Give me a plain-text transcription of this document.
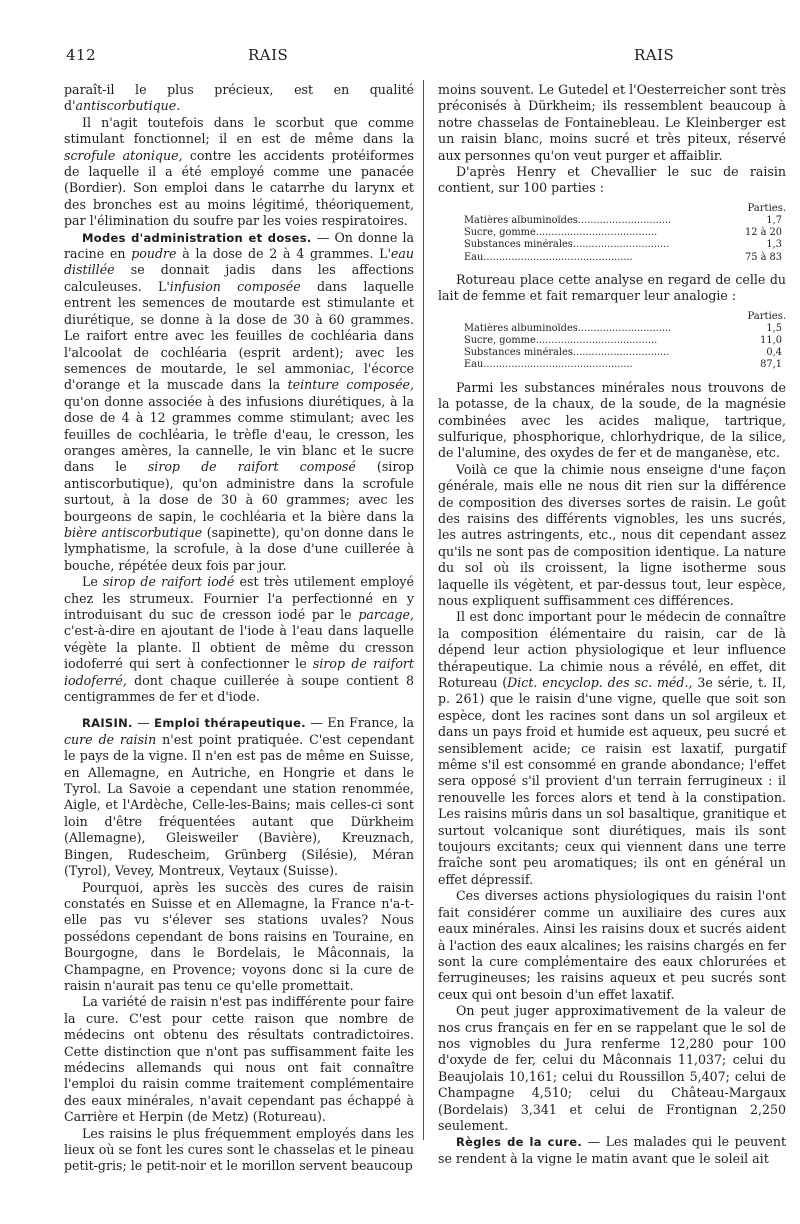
412	RAIS	RAIS

paraît-il le plus précieux, est en qualité d'antiscorbutique.

Il n'agit toutefois dans le scorbut que comme stimulant fonctionnel; il en est de même dans la scrofule atonique, contre les accidents protéiformes de laquelle il a été employé comme une panacée (Bordier). Son emploi dans le catarrhe du larynx et des bronches est au moins légitimé, théoriquement, par l'élimination du soufre par les voies respiratoires.

Modes d'administration et doses. — On donne la racine en poudre à la dose de 2 à 4 grammes. L'eau distillée se donnait jadis dans les affections calculeuses. L'infusion composée dans laquelle entrent les semences de moutarde est stimulante et diurétique, se donne à la dose de 30 à 60 grammes. Le raifort entre avec les feuilles de cochléaria dans l'alcoolat de cochléaria (esprit ardent); avec les semences de moutarde, le sel ammoniac, l'écorce d'orange et la muscade dans la teinture composée, qu'on donne associée à des infusions diurétiques, à la dose de 4 à 12 grammes comme stimulant; avec les feuilles de cochléaria, le trèfle d'eau, le cresson, les oranges amères, la cannelle, le vin blanc et le sucre dans le sirop de raifort composé (sirop antiscorbutique), qu'on administre dans la scrofule surtout, à la dose de 30 à 60 grammes; avec les bourgeons de sapin, le cochléaria et la bière dans la bière antiscorbutique (sapinette), qu'on donne dans le lymphatisme, la scrofule, à la dose d'une cuillerée à bouche, répétée deux fois par jour.

Le sirop de raifort iodé est très utilement employé chez les strumeux. Fournier l'a perfectionné en y introduisant du suc de cresson iodé par le parcage, c'est-à-dire en ajoutant de l'iode à l'eau dans laquelle végète la plante. Il obtient de même du cresson iodoferré qui sert à confectionner le sirop de raifort iodoferré, dont chaque cuillerée à soupe contient 8 centigrammes de fer et d'iode.

RAISIN. — Emploi thérapeutique. — En France, la cure de raisin n'est point pratiquée. C'est cependant le pays de la vigne. Il n'en est pas de même en Suisse, en Allemagne, en Autriche, en Hongrie et dans le Tyrol. La Savoie a cependant une station renommée, Aigle, et l'Ardèche, Celle-les-Bains; mais celles-ci sont loin d'être fréquentées autant que Dürkheim (Allemagne), Gleisweiler (Bavière), Kreuznach, Bingen, Rudescheim, Grünberg (Silésie), Méran (Tyrol), Vevey, Montreux, Veytaux (Suisse).

Pourquoi, après les succès des cures de raisin constatés en Suisse et en Allemagne, la France n'a-t-elle pas vu s'élever ses stations uvales? Nous possédons cependant de bons raisins en Touraine, en Bourgogne, dans le Bordelais, le Mâconnais, la Champagne, en Provence; voyons donc si la cure de raisin n'aurait pas tenu ce qu'elle promettait.

La variété de raisin n'est pas indifférente pour faire la cure. C'est pour cette raison que nombre de médecins ont obtenu des résultats contradictoires. Cette distinction que n'ont pas suffisamment faite les médecins allemands qui nous ont fait connaître l'emploi du raisin comme traitement complémentaire des eaux minérales, n'avait cependant pas échappé à Carrière et Herpin (de Metz) (Rotureau).

Les raisins le plus fréquemment employés dans les lieux où se font les cures sont le chasselas et le pineau petit-gris; le petit-noir et le morillon servent beaucoup

moins souvent. Le Gutedel et l'Oesterreicher sont très préconisés à Dürkheim; ils ressemblent beaucoup à notre chasselas de Fontainebleau. Le Kleinberger est un raisin blanc, moins sucré et très piteux, réservé aux personnes qu'on veut purger et affaiblir.

D'après Henry et Chevallier le suc de raisin contient, sur 100 parties :

Parties.	
Matières albuminoïdes..............................	1,7
Sucre, gomme.......................................	12 à 20
Substances minérales...............................	1,3
Eau................................................	75 à 83

Rotureau place cette analyse en regard de celle du lait de femme et fait remarquer leur analogie :

Parties.	
Matières albuminoïdes..............................	1,5
Sucre, gomme.......................................	11,0
Substances minérales...............................	0,4
Eau................................................	87,1

Parmi les substances minérales nous trouvons de la potasse, de la chaux, de la soude, de la magnésie combinées avec les acides malique, tartrique, sulfurique, phosphorique, chlorhydrique, de la silice, de l'alumine, des oxydes de fer et de manganèse, etc.

Voilà ce que la chimie nous enseigne d'une façon générale, mais elle ne nous dit rien sur la différence de composition des diverses sortes de raisin. Le goût des raisins des différents vignobles, les uns sucrés, les autres astringents, etc., nous dit cependant assez qu'ils ne sont pas de composition identique. La nature du sol où ils croissent, la ligne isotherme sous laquelle ils végètent, et par-dessus tout, leur espèce, nous expliquent suffisamment ces différences.

Il est donc important pour le médecin de connaître la composition élémentaire du raisin, car de là dépend leur action physiologique et leur influence thérapeutique. La chimie nous a révélé, en effet, dit Rotureau (Dict. encyclop. des sc. méd., 3e série, t. II, p. 261) que le raisin d'une vigne, quelle que soit son espèce, dont les racines sont dans un sol argileux et dans un pays froid et humide est aqueux, peu sucré et sensiblement acide; ce raisin est laxatif, purgatif même s'il est consommé en grande abondance; l'effet sera opposé s'il provient d'un terrain ferrugineux : il renouvelle les forces alors et tend à la constipation. Les raisins mûris dans un sol basaltique, granitique et surtout volcanique sont diurétiques, mais ils sont toujours excitants; ceux qui viennent dans une terre fraîche sont peu aromatiques; ils ont en général un effet dépressif.

Ces diverses actions physiologiques du raisin l'ont fait considérer comme un auxiliaire des cures aux eaux minérales. Ainsi les raisins doux et sucrés aident à l'action des eaux alcalines; les raisins chargés en fer sont la cure complémentaire des eaux chlorurées et ferrugineuses; les raisins aqueux et peu sucrés sont ceux qui ont besoin d'un effet laxatif.

On peut juger approximativement de la valeur de nos crus français en fer en se rappelant que le sol de nos vignobles du Jura renferme 12,280 pour 100 d'oxyde de fer, celui du Mâconnais 11,037; celui du Beaujolais 10,161; celui du Roussillon 5,407; celui de Champagne 4,510; celui du Château-Margaux (Bordelais) 3,341 et celui de Frontignan 2,250 seulement.

Règles de la cure. — Les malades qui le peuvent se rendent à la vigne le matin avant que le soleil ait
